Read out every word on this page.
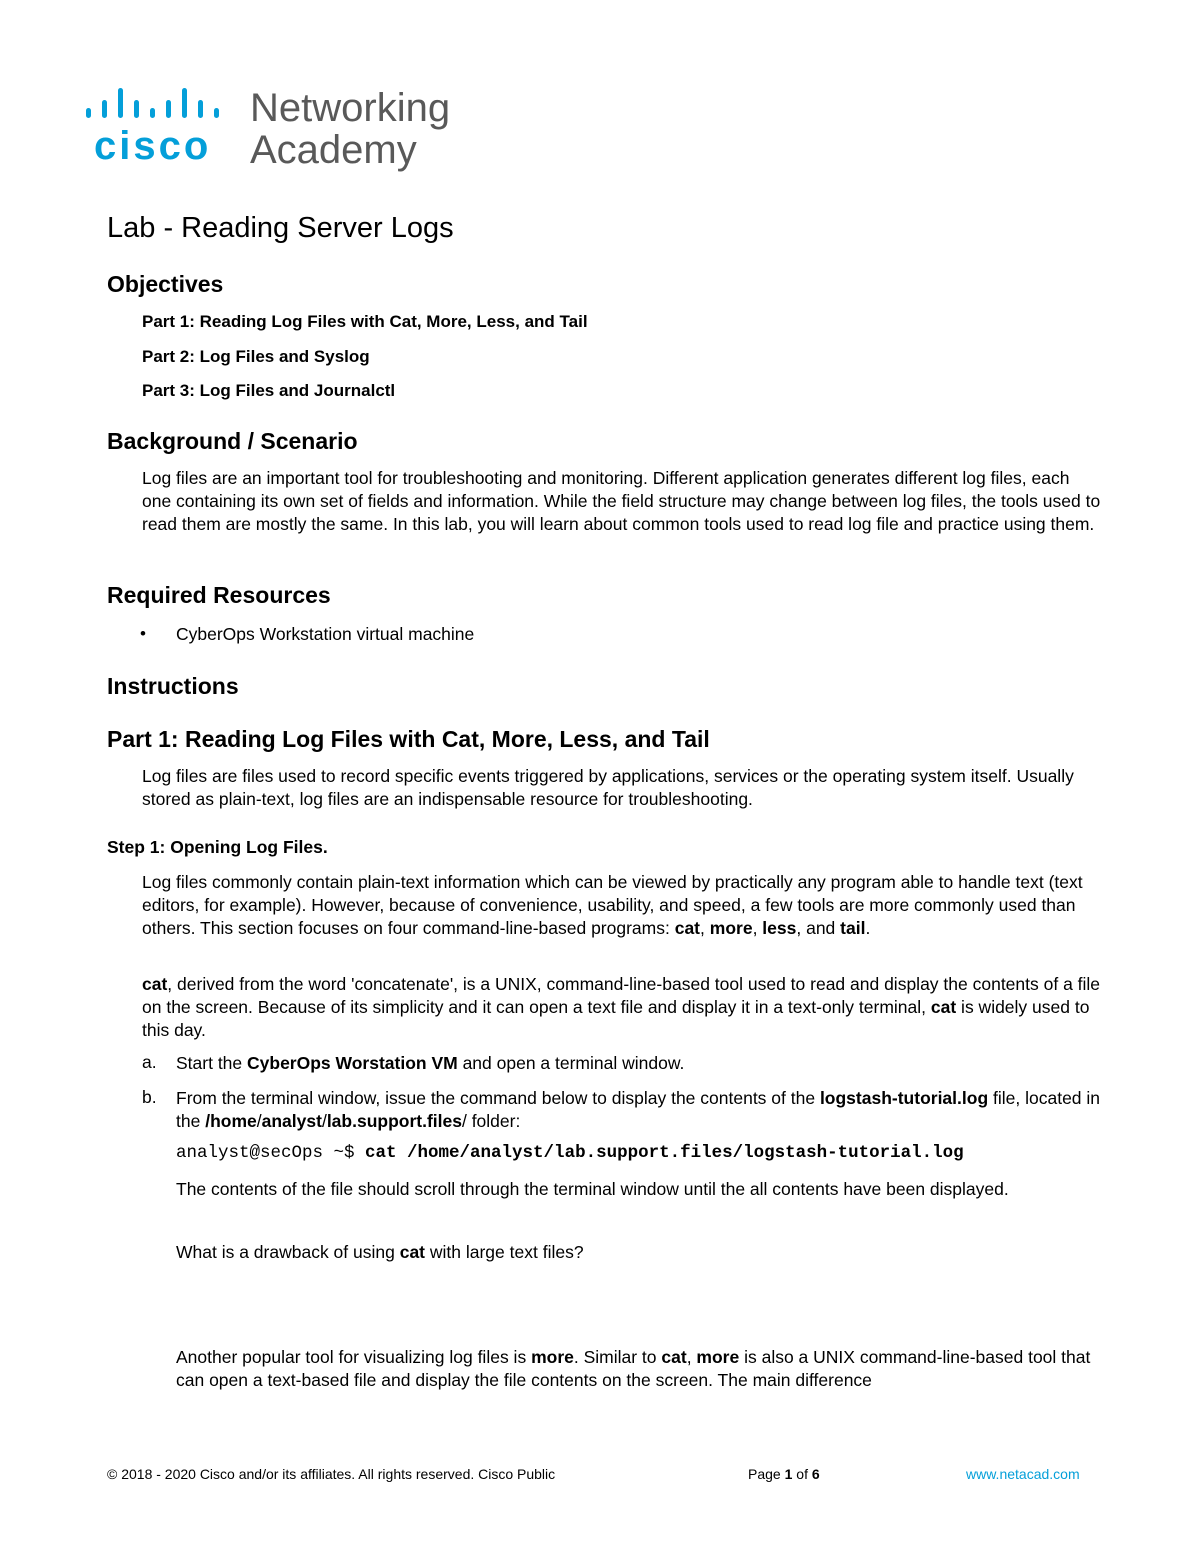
cisco
Networking
Academy
Lab - Reading Server Logs
Objectives
Part 1: Reading Log Files with Cat, More, Less, and Tail
Part 2: Log Files and Syslog
Part 3: Log Files and Journalctl
Background / Scenario
Log files are an important tool for troubleshooting and monitoring. Different application generates different log files, each one containing its own set of fields and information. While the field structure may change between log files, the tools used to read them are mostly the same. In this lab, you will learn about common tools used to read log file and practice using them.
Required Resources
• CyberOps Workstation virtual machine
Instructions
Part 1: Reading Log Files with Cat, More, Less, and Tail
Log files are files used to record specific events triggered by applications, services or the operating system itself. Usually stored as plain-text, log files are an indispensable resource for troubleshooting.
Step 1: Opening Log Files.
Log files commonly contain plain-text information which can be viewed by practically any program able to handle text (text editors, for example). However, because of convenience, usability, and speed, a few tools are more commonly used than others. This section focuses on four command-line-based programs: cat, more, less, and tail.
cat, derived from the word 'concatenate', is a UNIX, command-line-based tool used to read and display the contents of a file on the screen. Because of its simplicity and it can open a text file and display it in a text-only terminal, cat is widely used to this day.
a. Start the CyberOps Worstation VM and open a terminal window.
b. From the terminal window, issue the command below to display the contents of the logstash-tutorial.log file, located in the /home/analyst/lab.support.files/ folder:
analyst@secOps ~$ cat /home/analyst/lab.support.files/logstash-tutorial.log
The contents of the file should scroll through the terminal window until the all contents have been displayed.
What is a drawback of using cat with large text files?
Another popular tool for visualizing log files is more. Similar to cat, more is also a UNIX command-line-based tool that can open a text-based file and display the file contents on the screen. The main difference
© 2018 - 2020 Cisco and/or its affiliates. All rights reserved. Cisco Public	Page 1 of 6	www.netacad.com
